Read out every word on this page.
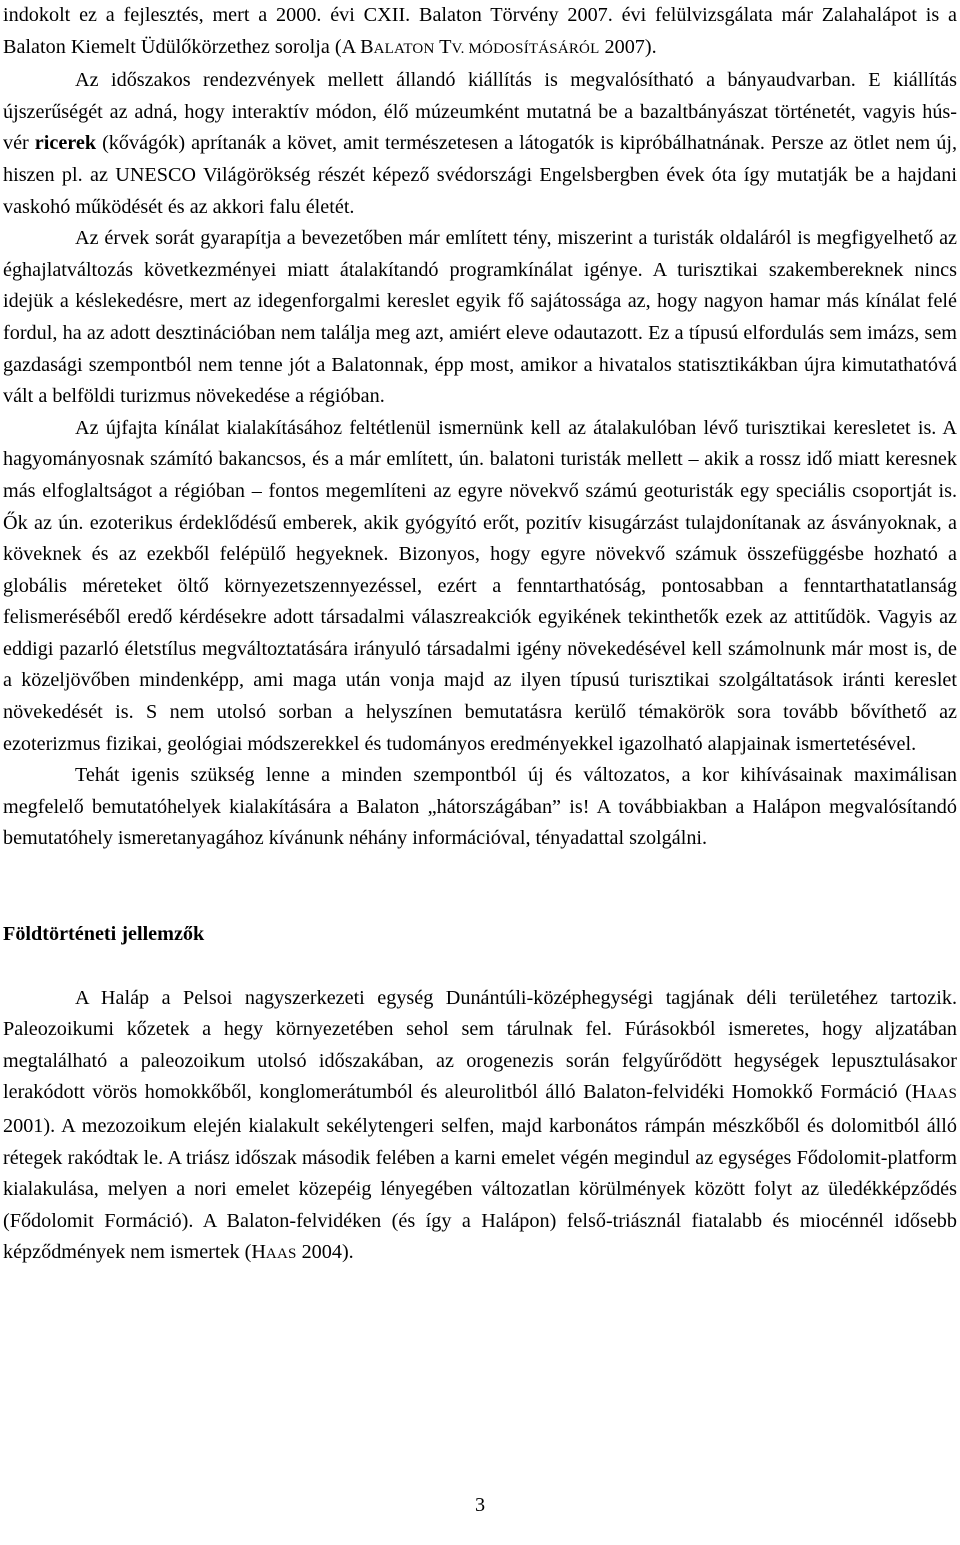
indokolt ez a fejlesztés, mert a 2000. évi CXII. Balaton Törvény 2007. évi felülvizsgálata már Zalahalápot is a Balaton Kiemelt Üdülőkörzethez sorolja (A BALATON TV. MÓDOSÍTÁSÁRÓL 2007).

Az időszakos rendezvények mellett állandó kiállítás is megvalósítható a bányaudvarban. E kiállítás újszerűségét az adná, hogy interaktív módon, élő múzeumként mutatná be a bazaltbányászat történetét, vagyis hús-vér ricerek (kővágók) aprítanák a követ, amit természetesen a látogatók is kipróbálhatnának. Persze az ötlet nem új, hiszen pl. az UNESCO Világörökség részét képező svédországi Engelsbergben évek óta így mutatják be a hajdani vaskohó működését és az akkori falu életét.

Az érvek sorát gyarapítja a bevezetőben már említett tény, miszerint a turisták oldaláról is megfigyelhető az éghajlatváltozás következményei miatt átalakítandó programkínálat igénye. A turisztikai szakembereknek nincs idejük a késlekedésre, mert az idegenforgalmi kereslet egyik fő sajátossága az, hogy nagyon hamar más kínálat felé fordul, ha az adott desztinációban nem találja meg azt, amiért eleve odautazott. Ez a típusú elfordulás sem imázs, sem gazdasági szempontból nem tenne jót a Balatonnak, épp most, amikor a hivatalos statisztikákban újra kimutathatóvá vált a belföldi turizmus növekedése a régióban.

Az újfajta kínálat kialakításához feltétlenül ismernünk kell az átalakulóban lévő turisztikai keresletet is. A hagyományosnak számító bakancsos, és a már említett, ún. balatoni turisták mellett – akik a rossz idő miatt keresnek más elfoglaltságot a régióban – fontos megemlíteni az egyre növekvő számú geoturisták egy speciális csoportját is. Ők az ún. ezoterikus érdeklődésű emberek, akik gyógyító erőt, pozitív kisugárzást tulajdonítanak az ásványoknak, a köveknek és az ezekből felépülő hegyeknek. Bizonyos, hogy egyre növekvő számuk összefüggésbe hozható a globális méreteket öltő környezetszennyezéssel, ezért a fenntarthatóság, pontosabban a fenntarthatatlanság felismeréséből eredő kérdésekre adott társadalmi válaszreakciók egyikének tekinthetők ezek az attitűdök. Vagyis az eddigi pazarló életstílus megváltoztatására irányuló társadalmi igény növekedésével kell számolnunk már most is, de a közeljövőben mindenképp, ami maga után vonja majd az ilyen típusú turisztikai szolgáltatások iránti kereslet növekedését is. S nem utolsó sorban a helyszínen bemutatásra kerülő témakörök sora tovább bővíthető az ezoterizmus fizikai, geológiai módszerekkel és tudományos eredményekkel igazolható alapjainak ismertetésével.

Tehát igenis szükség lenne a minden szempontból új és változatos, a kor kihívásainak maximálisan megfelelő bemutatóhelyek kialakítására a Balaton „hátországában” is! A továbbiakban a Halápon megvalósítandó bemutatóhely ismeretanyagához kívánunk néhány információval, tényadattal szolgálni.

Földtörténeti jellemzők

A Haláp a Pelsoi nagyszerkezeti egység Dunántúli-középhegységi tagjának déli területéhez tartozik. Paleozoikumi kőzetek a hegy környezetében sehol sem tárulnak fel. Fúrásokból ismeretes, hogy aljzatában megtalálható a paleozoikum utolsó időszakában, az orogenezis során felgyűrődött hegységek lepusztulásakor lerakódott vörös homokkőből, konglomerátumból és aleurolitból álló Balaton-felvidéki Homokkő Formáció (HAAS 2001). A mezozoikum elején kialakult sekélytengeri selfen, majd karbonátos rámpán mészkőből és dolomitból álló rétegek rakódtak le. A triász időszak második felében a karni emelet végén megindul az egységes Fődolomit-platform kialakulása, melyen a nori emelet közepéig lényegében változatlan körülmények között folyt az üledékképződés (Fődolomit Formáció). A Balaton-felvidéken (és így a Halápon) felső-triásznál fiatalabb és miocénnél idősebb képződmények nem ismertek (HAAS 2004).

3
